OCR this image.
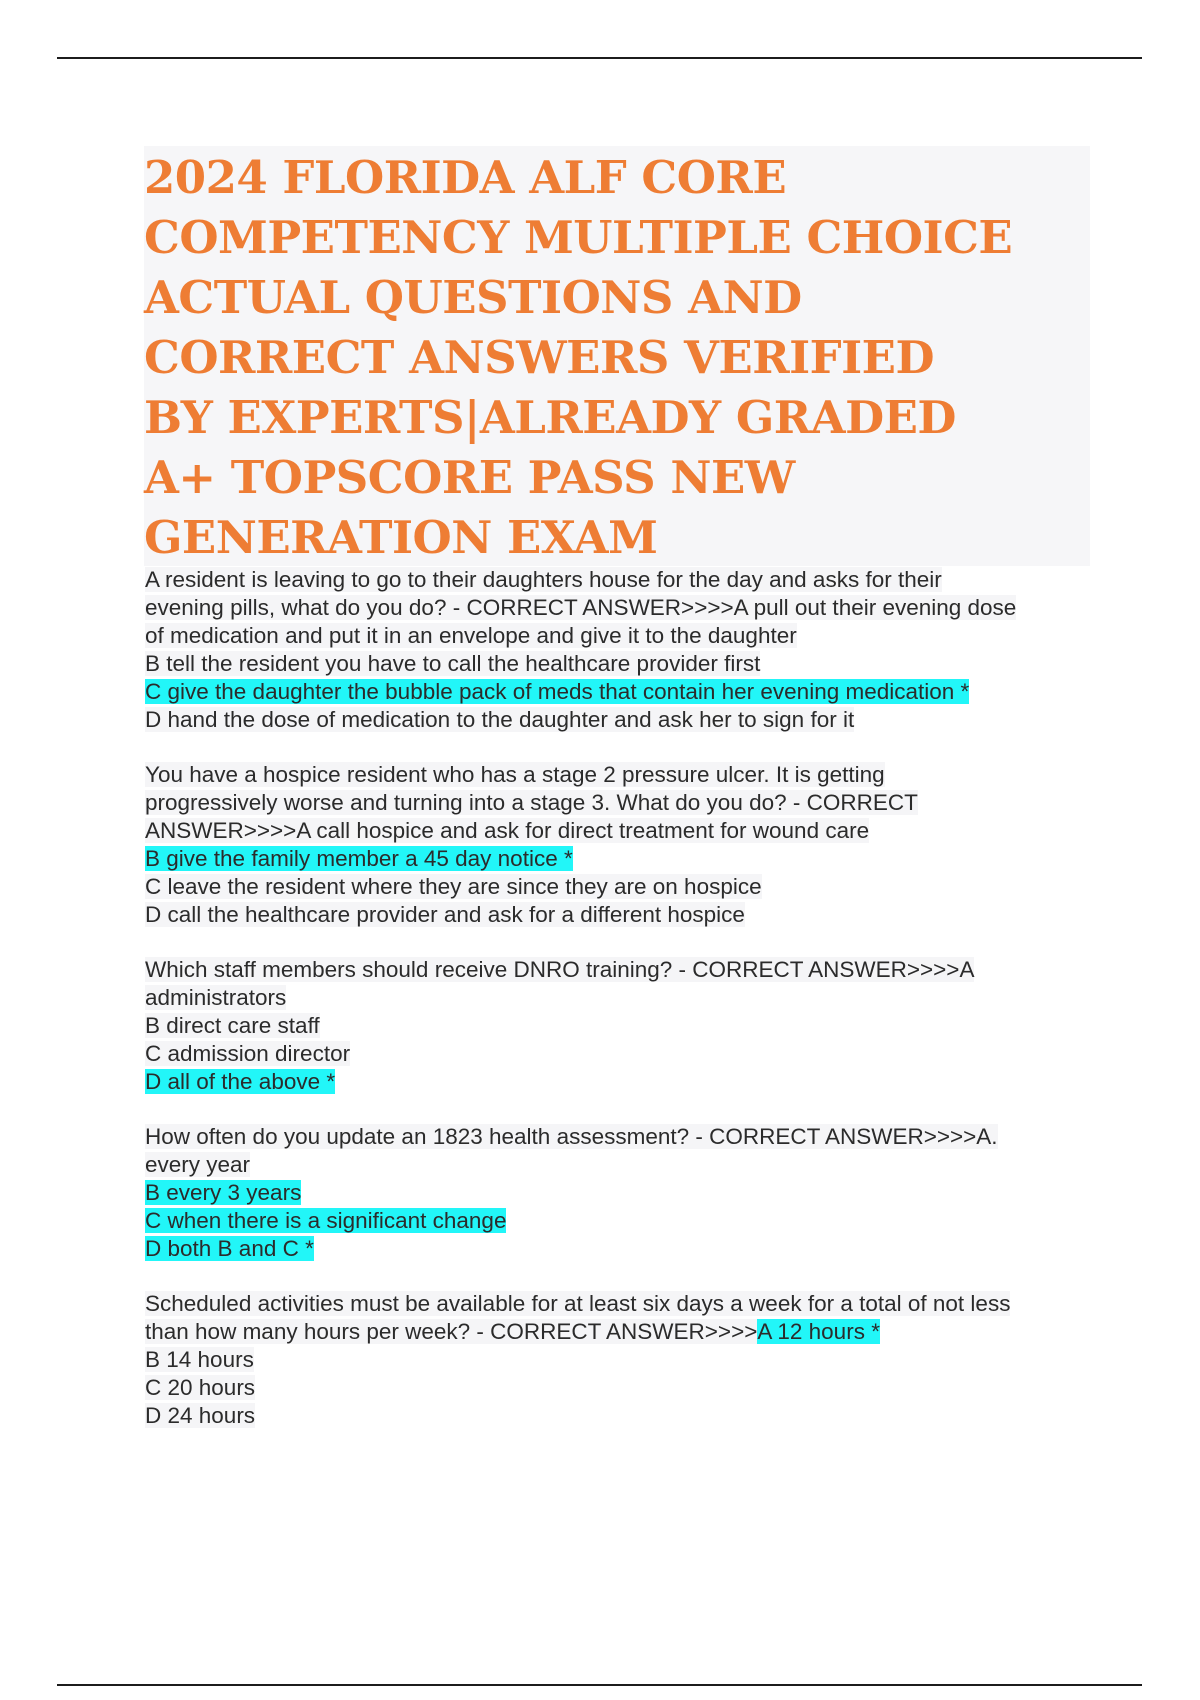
2024 FLORIDA ALF CORE
COMPETENCY MULTIPLE CHOICE
ACTUAL QUESTIONS AND
CORRECT ANSWERS VERIFIED
BY EXPERTS|ALREADY GRADED
A+ TOPSCORE PASS NEW
GENERATION EXAM
A resident is leaving to go to their daughters house for the day and asks for their
evening pills, what do you do? - CORRECT ANSWER>>>>A pull out their evening dose
of medication and put it in an envelope and give it to the daughter
B tell the resident you have to call the healthcare provider first
C give the daughter the bubble pack of meds that contain her evening medication *
D hand the dose of medication to the daughter and ask her to sign for it
You have a hospice resident who has a stage 2 pressure ulcer. It is getting
progressively worse and turning into a stage 3. What do you do? - CORRECT
ANSWER>>>>A call hospice and ask for direct treatment for wound care
B give the family member a 45 day notice *
C leave the resident where they are since they are on hospice
D call the healthcare provider and ask for a different hospice
Which staff members should receive DNRO training? - CORRECT ANSWER>>>>A
administrators
B direct care staff
C admission director
D all of the above *
How often do you update an 1823 health assessment? - CORRECT ANSWER>>>>A.
every year
B every 3 years
C when there is a significant change
D both B and C *
Scheduled activities must be available for at least six days a week for a total of not less
than how many hours per week? - CORRECT ANSWER>>>>A 12 hours *
B 14 hours
C 20 hours
D 24 hours
